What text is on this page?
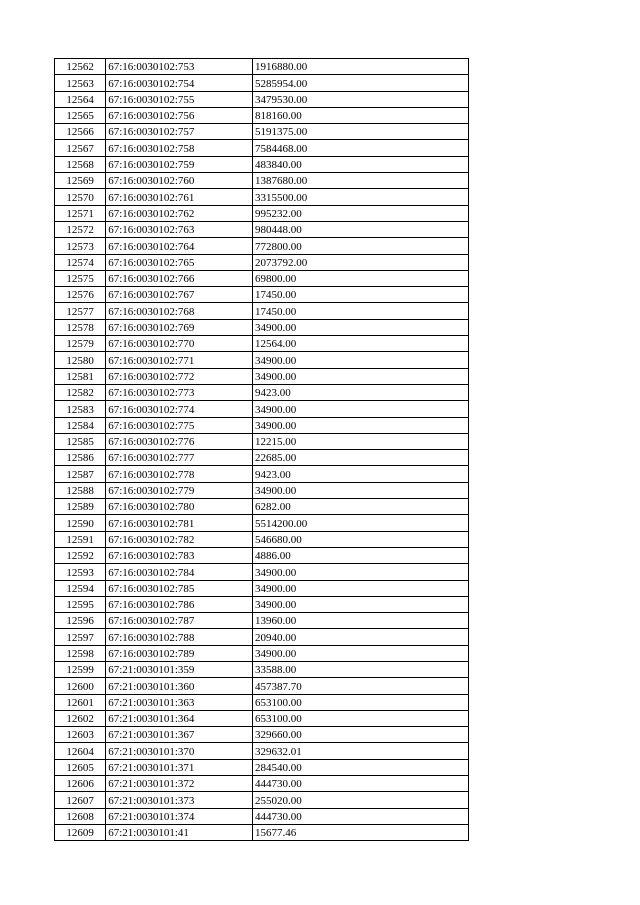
12562	67:16:0030102:753	1916880.00
12563	67:16:0030102:754	5285954.00
12564	67:16:0030102:755	3479530.00
12565	67:16:0030102:756	818160.00
12566	67:16:0030102:757	5191375.00
12567	67:16:0030102:758	7584468.00
12568	67:16:0030102:759	483840.00
12569	67:16:0030102:760	1387680.00
12570	67:16:0030102:761	3315500.00
12571	67:16:0030102:762	995232.00
12572	67:16:0030102:763	980448.00
12573	67:16:0030102:764	772800.00
12574	67:16:0030102:765	2073792.00
12575	67:16:0030102:766	69800.00
12576	67:16:0030102:767	17450.00
12577	67:16:0030102:768	17450.00
12578	67:16:0030102:769	34900.00
12579	67:16:0030102:770	12564.00
12580	67:16:0030102:771	34900.00
12581	67:16:0030102:772	34900.00
12582	67:16:0030102:773	9423.00
12583	67:16:0030102:774	34900.00
12584	67:16:0030102:775	34900.00
12585	67:16:0030102:776	12215.00
12586	67:16:0030102:777	22685.00
12587	67:16:0030102:778	9423.00
12588	67:16:0030102:779	34900.00
12589	67:16:0030102:780	6282.00
12590	67:16:0030102:781	5514200.00
12591	67:16:0030102:782	546680.00
12592	67:16:0030102:783	4886.00
12593	67:16:0030102:784	34900.00
12594	67:16:0030102:785	34900.00
12595	67:16:0030102:786	34900.00
12596	67:16:0030102:787	13960.00
12597	67:16:0030102:788	20940.00
12598	67:16:0030102:789	34900.00
12599	67:21:0030101:359	33588.00
12600	67:21:0030101:360	457387.70
12601	67:21:0030101:363	653100.00
12602	67:21:0030101:364	653100.00
12603	67:21:0030101:367	329660.00
12604	67:21:0030101:370	329632.01
12605	67:21:0030101:371	284540.00
12606	67:21:0030101:372	444730.00
12607	67:21:0030101:373	255020.00
12608	67:21:0030101:374	444730.00
12609	67:21:0030101:41	15677.46
